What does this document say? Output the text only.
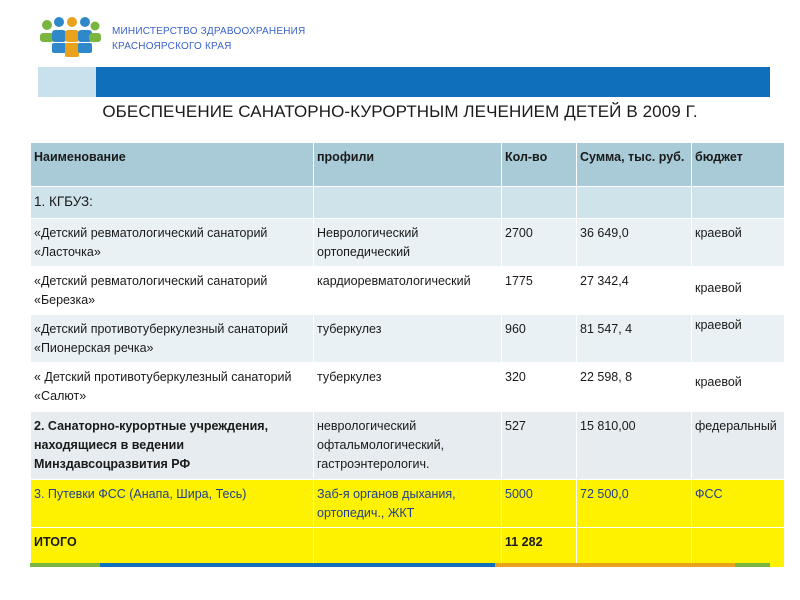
МИНИСТЕРСТВО ЗДРАВООХРАНЕНИЯ
КРАСНОЯРСКОГО КРАЯ
ОБЕСПЕЧЕНИЕ САНАТОРНО-КУРОРТНЫМ ЛЕЧЕНИЕМ ДЕТЕЙ В 2009 Г.
Наименование	профили	Кол-во	Сумма, тыс. руб.	бюджет
1. КГБУЗ:				
«Детский ревматологический санаторий «Ласточка»	Неврологический ортопедический	2700	36 649,0	краевой
«Детский ревматологический санаторий «Березка»	кардиоревматологический	1775	27 342,4	краевой
«Детский противотуберкулезный санаторий «Пионерская речка»	туберкулез	960	81 547, 4	краевой
« Детский противотуберкулезный санаторий «Салют»	туберкулез	320	22 598, 8	краевой
2. Санаторно-курортные учреждения, находящиеся в ведении Минздавсоцразвития РФ	неврологический офтальмологический, гастроэнтерологич.	527	15 810,00	федеральный
3. Путевки ФСС (Анапа, Шира, Тесь)	Заб-я органов дыхания, ортопедич., ЖКТ	5000	72 500,0	ФСС
ИТОГО		11 282		
